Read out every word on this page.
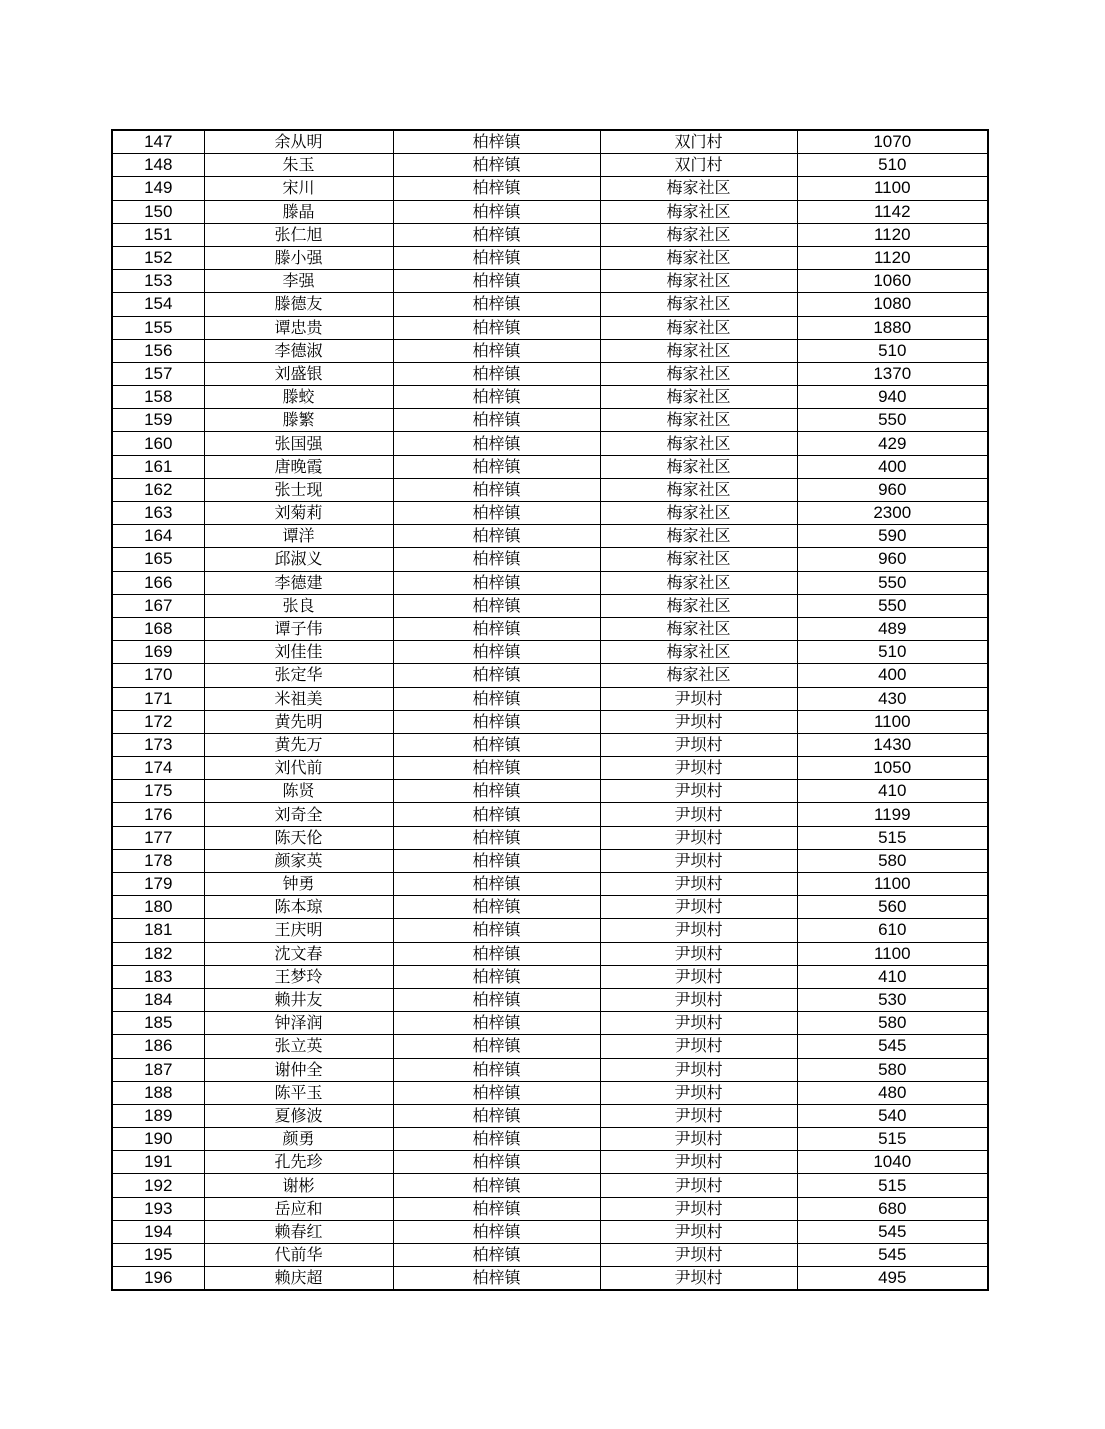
147	余从明	柏梓镇	双门村	1070
148	朱玉	柏梓镇	双门村	510
149	宋川	柏梓镇	梅家社区	1100
150	滕晶	柏梓镇	梅家社区	1142
151	张仁旭	柏梓镇	梅家社区	1120
152	滕小强	柏梓镇	梅家社区	1120
153	李强	柏梓镇	梅家社区	1060
154	滕德友	柏梓镇	梅家社区	1080
155	谭忠贵	柏梓镇	梅家社区	1880
156	李德淑	柏梓镇	梅家社区	510
157	刘盛银	柏梓镇	梅家社区	1370
158	滕蛟	柏梓镇	梅家社区	940
159	滕繁	柏梓镇	梅家社区	550
160	张国强	柏梓镇	梅家社区	429
161	唐晚霞	柏梓镇	梅家社区	400
162	张士现	柏梓镇	梅家社区	960
163	刘菊莉	柏梓镇	梅家社区	2300
164	谭洋	柏梓镇	梅家社区	590
165	邱淑义	柏梓镇	梅家社区	960
166	李德建	柏梓镇	梅家社区	550
167	张良	柏梓镇	梅家社区	550
168	谭子伟	柏梓镇	梅家社区	489
169	刘佳佳	柏梓镇	梅家社区	510
170	张定华	柏梓镇	梅家社区	400
171	米祖美	柏梓镇	尹坝村	430
172	黄先明	柏梓镇	尹坝村	1100
173	黄先万	柏梓镇	尹坝村	1430
174	刘代前	柏梓镇	尹坝村	1050
175	陈贤	柏梓镇	尹坝村	410
176	刘奇全	柏梓镇	尹坝村	1199
177	陈天伦	柏梓镇	尹坝村	515
178	颜家英	柏梓镇	尹坝村	580
179	钟勇	柏梓镇	尹坝村	1100
180	陈本琼	柏梓镇	尹坝村	560
181	王庆明	柏梓镇	尹坝村	610
182	沈文春	柏梓镇	尹坝村	1100
183	王梦玲	柏梓镇	尹坝村	410
184	赖井友	柏梓镇	尹坝村	530
185	钟泽润	柏梓镇	尹坝村	580
186	张立英	柏梓镇	尹坝村	545
187	谢仲全	柏梓镇	尹坝村	580
188	陈平玉	柏梓镇	尹坝村	480
189	夏修波	柏梓镇	尹坝村	540
190	颜勇	柏梓镇	尹坝村	515
191	孔先珍	柏梓镇	尹坝村	1040
192	谢彬	柏梓镇	尹坝村	515
193	岳应和	柏梓镇	尹坝村	680
194	赖春红	柏梓镇	尹坝村	545
195	代前华	柏梓镇	尹坝村	545
196	赖庆超	柏梓镇	尹坝村	495
